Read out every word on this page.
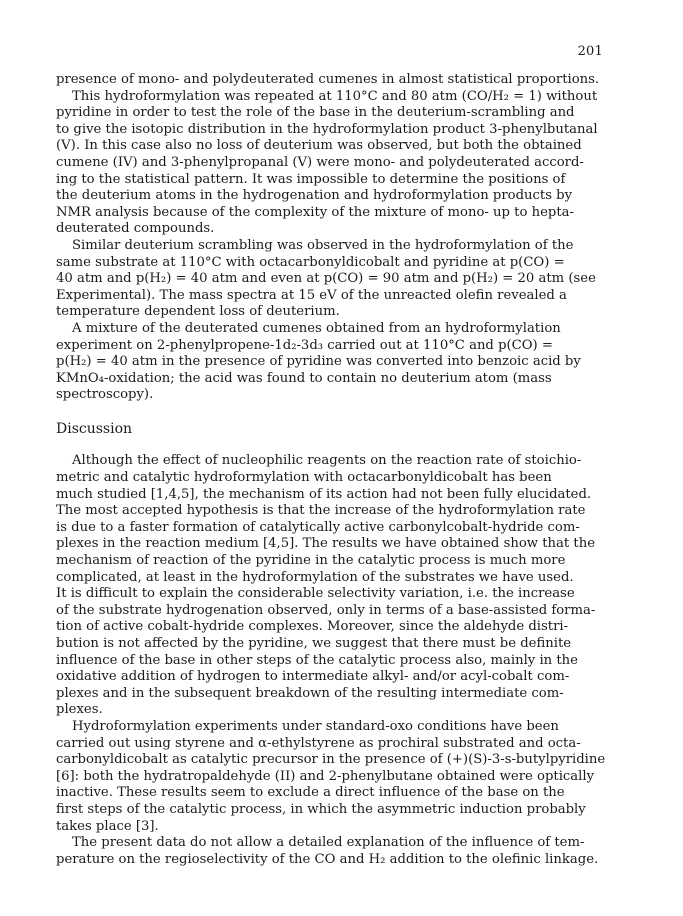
201
presence of mono- and polydeuterated cumenes in almost statistical proportions.
This hydroformylation was repeated at 110°C and 80 atm (CO/H₂ = 1) without
pyridine in order to test the role of the base in the deuterium-scrambling and
to give the isotopic distribution in the hydroformylation product 3-phenylbutanal
(V). In this case also no loss of deuterium was observed, but both the obtained
cumene (IV) and 3-phenylpropanal (V) were mono- and polydeuterated accord-
ing to the statistical pattern. It was impossible to determine the positions of
the deuterium atoms in the hydrogenation and hydroformylation products by
NMR analysis because of the complexity of the mixture of mono- up to hepta-
deuterated compounds.
Similar deuterium scrambling was observed in the hydroformylation of the
same substrate at 110°C with octacarbonyldicobalt and pyridine at p(CO) =
40 atm and p(H₂) = 40 atm and even at p(CO) = 90 atm and p(H₂) = 20 atm (see
Experimental). The mass spectra at 15 eV of the unreacted olefin revealed a
temperature dependent loss of deuterium.
A mixture of the deuterated cumenes obtained from an hydroformylation
experiment on 2-phenylpropene-1d₂-3d₃ carried out at 110°C and p(CO) =
p(H₂) = 40 atm in the presence of pyridine was converted into benzoic acid by
KMnO₄-oxidation; the acid was found to contain no deuterium atom (mass
spectroscopy).
Discussion
Although the effect of nucleophilic reagents on the reaction rate of stoichio-
metric and catalytic hydroformylation with octacarbonyldicobalt has been
much studied [1,4,5], the mechanism of its action had not been fully elucidated.
The most accepted hypothesis is that the increase of the hydroformylation rate
is due to a faster formation of catalytically active carbonylcobalt-hydride com-
plexes in the reaction medium [4,5]. The results we have obtained show that the
mechanism of reaction of the pyridine in the catalytic process is much more
complicated, at least in the hydroformylation of the substrates we have used.
It is difficult to explain the considerable selectivity variation, i.e. the increase
of the substrate hydrogenation observed, only in terms of a base-assisted forma-
tion of active cobalt-hydride complexes. Moreover, since the aldehyde distri-
bution is not affected by the pyridine, we suggest that there must be definite
influence of the base in other steps of the catalytic process also, mainly in the
oxidative addition of hydrogen to intermediate alkyl- and/or acyl-cobalt com-
plexes and in the subsequent breakdown of the resulting intermediate com-
plexes.
Hydroformylation experiments under standard-oxo conditions have been
carried out using styrene and α-ethylstyrene as prochiral substrated and octa-
carbonyldicobalt as catalytic precursor in the presence of (+)(S)-3-s-butylpyridine
[6]: both the hydratropaldehyde (II) and 2-phenylbutane obtained were optically
inactive. These results seem to exclude a direct influence of the base on the
first steps of the catalytic process, in which the asymmetric induction probably
takes place [3].
The present data do not allow a detailed explanation of the influence of tem-
perature on the regioselectivity of the CO and H₂ addition to the olefinic linkage.
